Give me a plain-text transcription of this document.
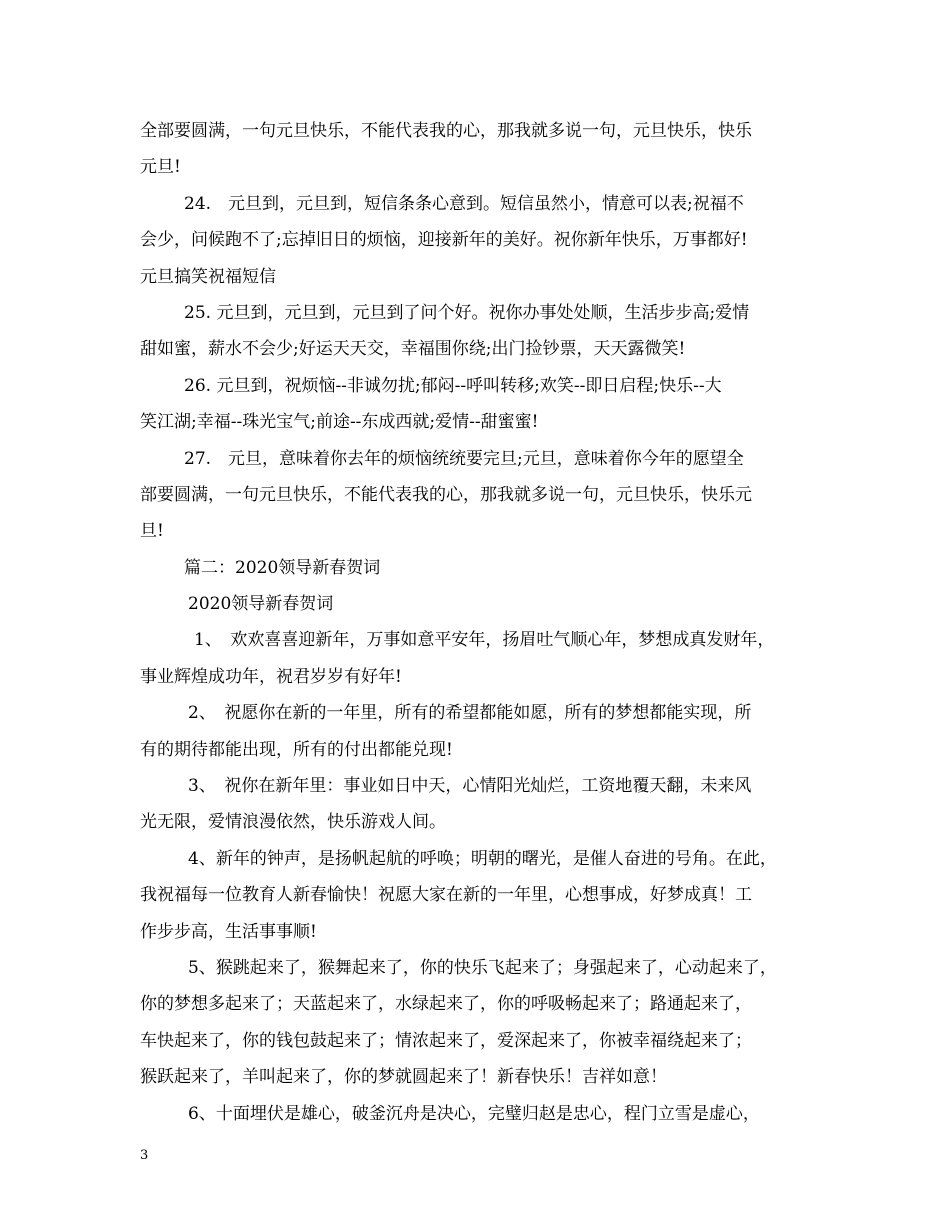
全部要圆满，一句元旦快乐，不能代表我的心，那我就多说一句，元旦快乐，快乐
元旦!
24.　元旦到，元旦到，短信条条心意到。短信虽然小，情意可以表;祝福不
会少，问候跑不了;忘掉旧日的烦恼，迎接新年的美好。祝你新年快乐，万事都好!
元旦搞笑祝福短信
25. 元旦到，元旦到，元旦到了问个好。祝你办事处处顺，生活步步高;爱情
甜如蜜，薪水不会少;好运天天交，幸福围你绕;出门捡钞票，天天露微笑!
26. 元旦到，祝烦恼--非诚勿扰;郁闷--呼叫转移;欢笑--即日启程;快乐--大
笑江湖;幸福--珠光宝气;前途--东成西就;爱情--甜蜜蜜!
27.　元旦，意味着你去年的烦恼统统要完旦;元旦，意味着你今年的愿望全
部要圆满，一句元旦快乐，不能代表我的心，那我就多说一句，元旦快乐，快乐元
旦!
篇二：2020领导新春贺词
2020领导新春贺词
1、　欢欢喜喜迎新年，万事如意平安年，扬眉吐气顺心年，梦想成真发财年，
事业辉煌成功年，祝君岁岁有好年!
2、　祝愿你在新的一年里，所有的希望都能如愿，所有的梦想都能实现，所
有的期待都能出现，所有的付出都能兑现!
3、　祝你在新年里：事业如日中天，心情阳光灿烂，工资地覆天翻，未来风
光无限，爱情浪漫依然，快乐游戏人间。
4、新年的钟声，是扬帆起航的呼唤；明朝的曙光，是催人奋进的号角。在此，
我祝福每一位教育人新春愉快！祝愿大家在新的一年里，心想事成，好梦成真！工
作步步高，生活事事顺!
5、猴跳起来了，猴舞起来了，你的快乐飞起来了；身强起来了，心动起来了，
你的梦想多起来了；天蓝起来了，水绿起来了，你的呼吸畅起来了；路通起来了，
车快起来了，你的钱包鼓起来了；情浓起来了，爱深起来了，你被幸福绕起来了；
猴跃起来了，羊叫起来了，你的梦就圆起来了！新春快乐！吉祥如意！
6、十面埋伏是雄心，破釜沉舟是决心，完璧归赵是忠心，程门立雪是虚心，
3
